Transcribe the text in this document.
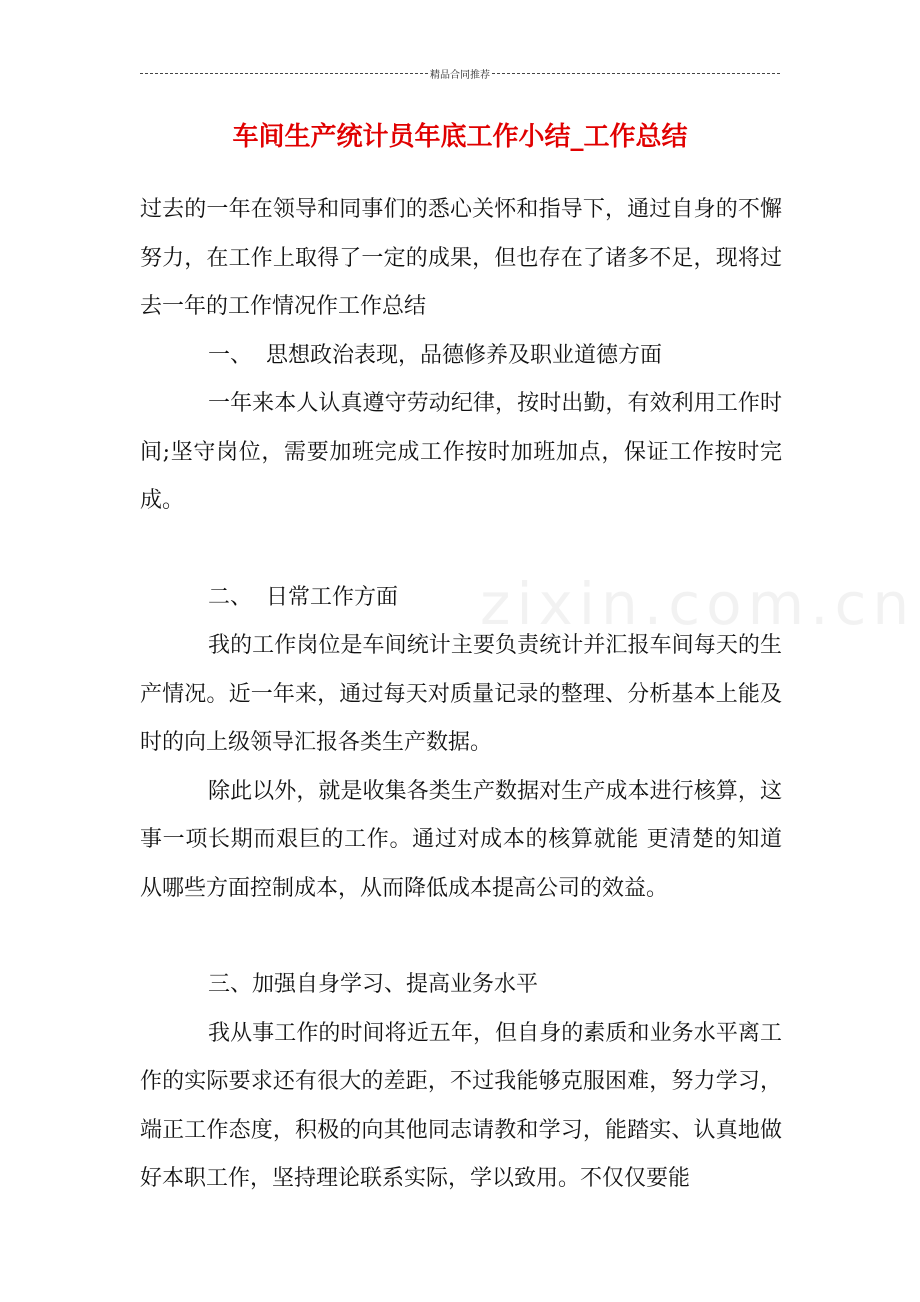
精品合同推荐
车间生产统计员年底工作小结_工作总结
zixin.com.cn

过去的一年在领导和同事们的悉心关怀和指导下，通过自身的不懈努力，在工作上取得了一定的成果，但也存在了诸多不足，现将过去一年的工作情况作工作总结

一、  思想政治表现，品德修养及职业道德方面

一年来本人认真遵守劳动纪律，按时出勤，有效利用工作时间;坚守岗位，需要加班完成工作按时加班加点，保证工作按时完成。

二、  日常工作方面

我的工作岗位是车间统计主要负责统计并汇报车间每天的生产情况。近一年来，通过每天对质量记录的整理、分析基本上能及时的向上级领导汇报各类生产数据。

除此以外，就是收集各类生产数据对生产成本进行核算，这事一项长期而艰巨的工作。通过对成本的核算就能 更清楚的知道从哪些方面控制成本，从而降低成本提高公司的效益。

三、加强自身学习、提高业务水平

我从事工作的时间将近五年，但自身的素质和业务水平离工作的实际要求还有很大的差距，不过我能够克服困难，努力学习，端正工作态度，积极的向其他同志请教和学习，能踏实、认真地做好本职工作，坚持理论联系实际，学以致用。不仅仅要能
